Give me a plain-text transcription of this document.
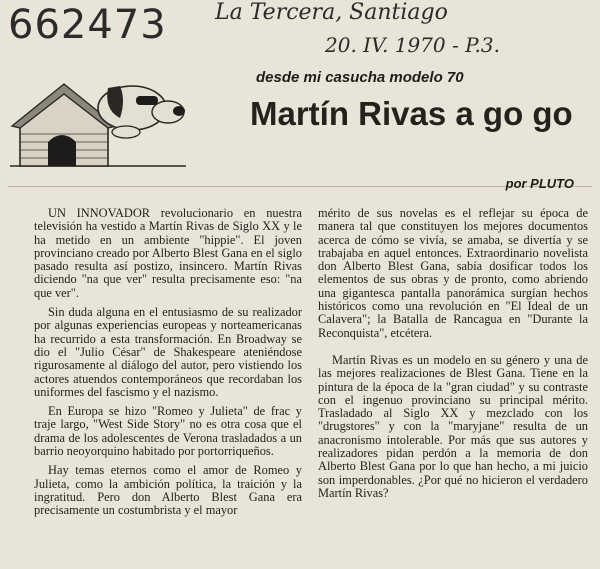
662473 La Tercera, Santiago
20. IV. 1970 - P.3.
desde mi casucha modelo 70
Martín Rivas a go go
por PLUTO

UN INNOVADOR revolucionario en nuestra televisión ha vestido a Martín Rivas de Siglo XX y le ha metido en un ambiente "hippie". El joven provinciano creado por Alberto Blest Gana en el siglo pasado resulta así postizo, insincero. Martín Rivas diciendo "na que ver" resulta precisamente eso: "na que ver".

Sin duda alguna en el entusiasmo de su realizador por algunas experiencias europeas y norteamericanas ha recurrido a esta transformación. En Broadway se dio el "Julio César" de Shakespeare ateniéndose rigurosamente al diálogo del autor, pero vistiendo los actores atuendos contemporáneos que recordaban los uniformes del fascismo y el nazismo.

En Europa se hizo "Romeo y Julieta" de frac y traje largo, "West Side Story" no es otra cosa que el drama de los adolescentes de Verona trasladados a un barrio neoyorquino habitado por portorriqueños.

Hay temas eternos como el amor de Romeo y Julieta, como la ambición política, la traición y la ingratitud. Pero don Alberto Blest Gana era precisamente un costumbrista y el mayor

mérito de sus novelas es el reflejar su época de manera tal que constituyen los mejores documentos acerca de cómo se vivía, se amaba, se divertía y se trabajaba en aquel entonces. Extraordinario novelista don Alberto Blest Gana, sabía dosificar todos los elementos de sus obras y de pronto, como abriendo una gigantesca pantalla panorámica surgían hechos históricos como una revolución en "El Ideal de un Calavera"; la Batalla de Rancagua en "Durante la Reconquista", etcétera.

Martín Rivas es un modelo en su género y una de las mejores realizaciones de Blest Gana. Tiene en la pintura de la época de la "gran ciudad" y su contraste con el ingenuo provinciano su principal mérito. Trasladado al Siglo XX y mezclado con los "drugstores" y con la "maryjane" resulta de un anacronismo intolerable. Por más que sus autores y realizadores pidan perdón a la memoria de don Alberto Blest Gana por lo que han hecho, a mi juicio son imperdonables. ¿Por qué no hicieron el verdadero Martín Rivas?
